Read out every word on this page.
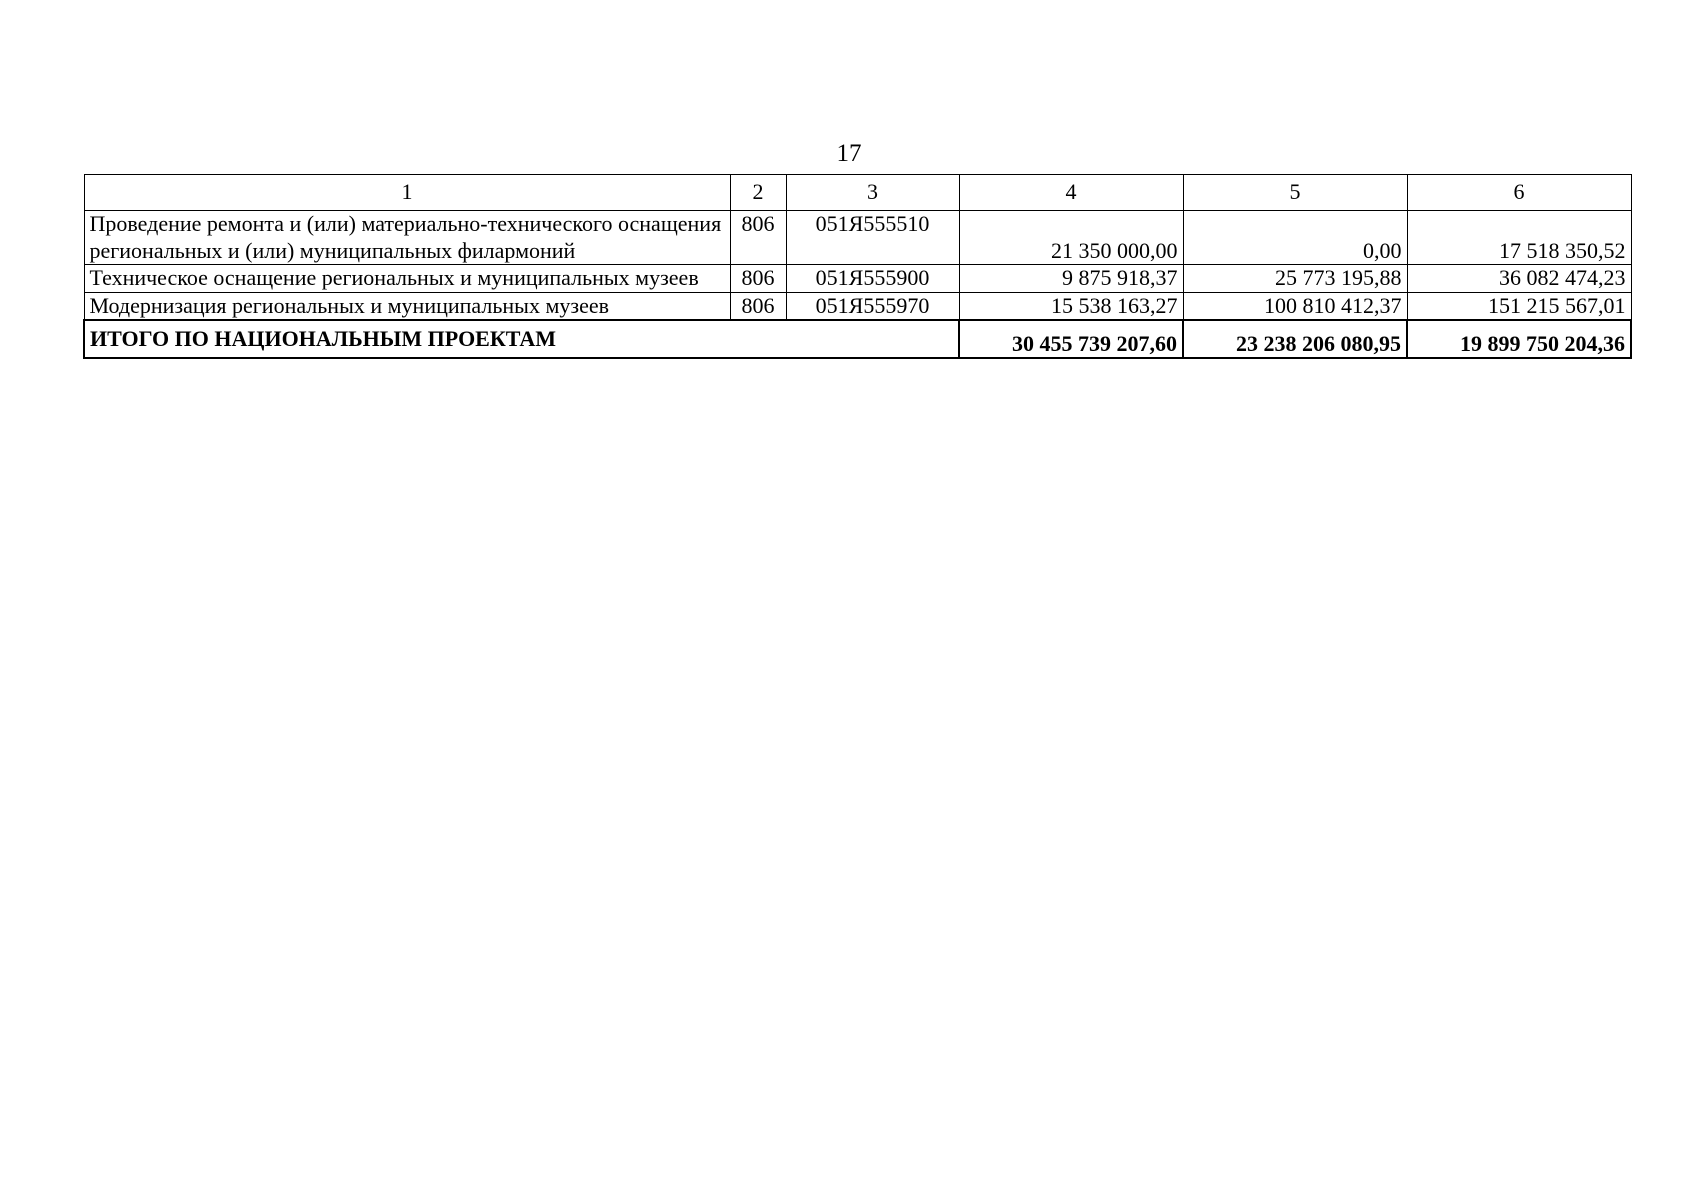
17
1	2	3	4	5	6
Проведение ремонта и (или) материально-технического оснащения региональных и (или) муниципальных филармоний	806	051Я555510	21 350 000,00	0,00	17 518 350,52
Техническое оснащение региональных и муниципальных музеев	806	051Я555900	9 875 918,37	25 773 195,88	36 082 474,23
Модернизация региональных и муниципальных музеев	806	051Я555970	15 538 163,27	100 810 412,37	151 215 567,01
ИТОГО ПО НАЦИОНАЛЬНЫМ ПРОЕКТАМ			30 455 739 207,60	23 238 206 080,95	19 899 750 204,36
